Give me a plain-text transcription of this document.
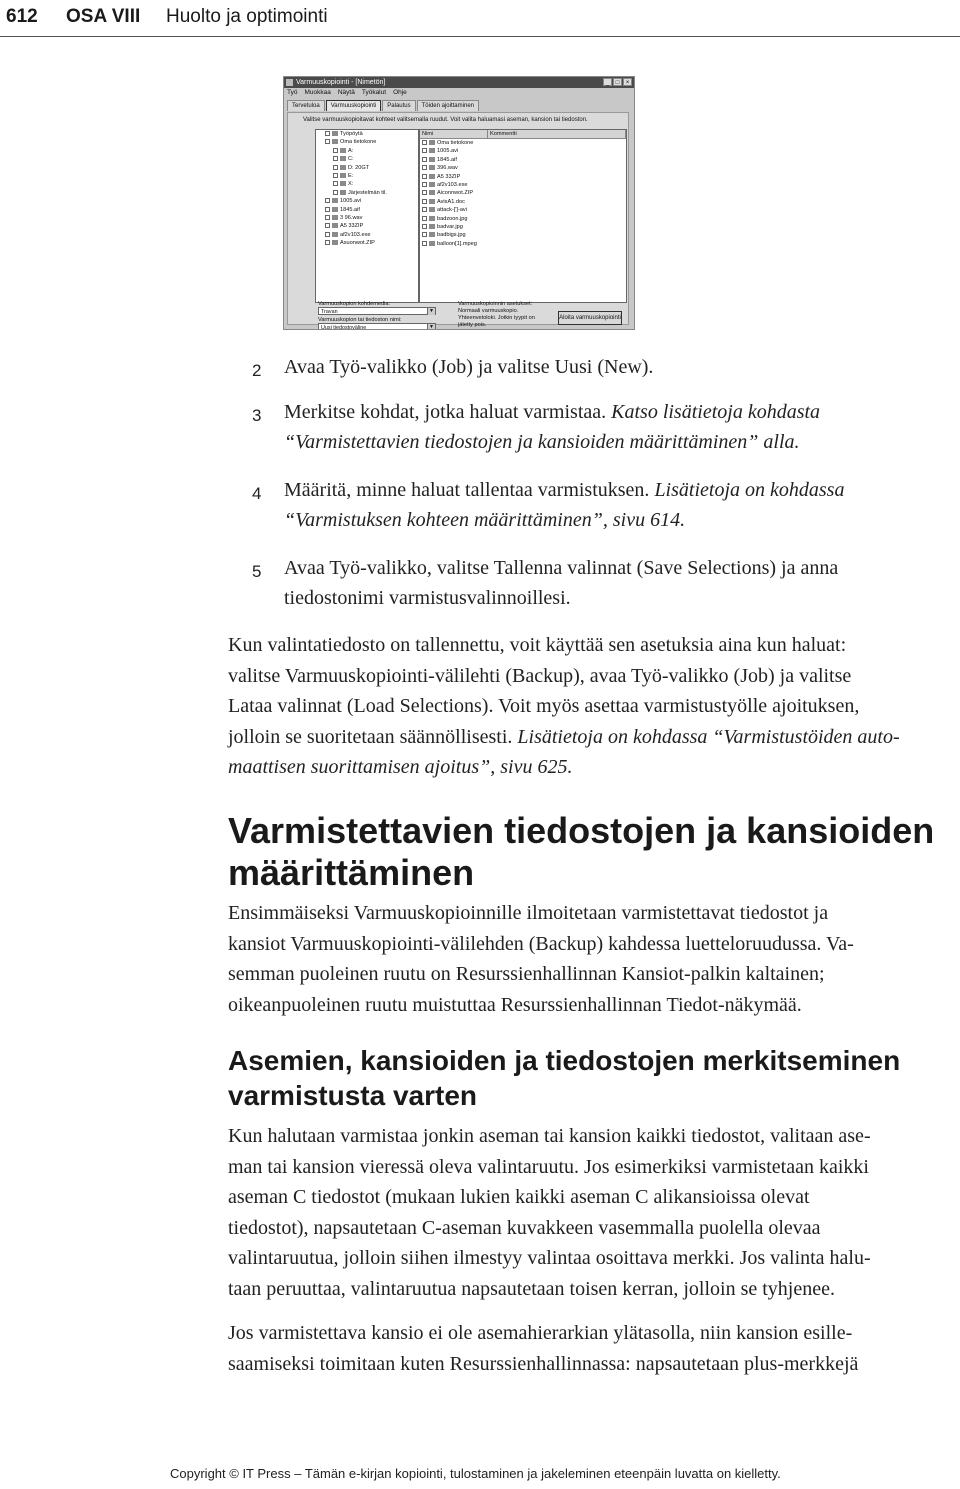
612 OSA VIII Huolto ja optimointi
Varmuuskopiointi - [Nimetön]	_	□	×
Työ Muokkaa Näytä Työkalut Ohje
Tervetuloa	Varmuuskopiointi	Palautus	Töiden ajoittaminen
Valitse varmuuskopioitavat kohteet valitsemalla ruudut. Voit valita haluamasi aseman, kansion tai tiedoston.
Työpöytä
Oma tietokone
A:
C:
D: 20GT
E:
X:
Järjestelmän til.
1005.avi
1845.aif
3 96.wav
A5 33ZIP
af2v103.exe
Asuonwot.ZIP
Nimi	Kommentti
Oma tietokone
1005.avi
1845.aif
396.wav
A5 33ZIP
af2v103.exe
Aiconnwot.ZIP
AvisA1.doc
attack-[']-avi
badzoon.jpg
badvar.jpg
badbigs.jpg
balloon[1].mpeg
Varmuuskopion kohdemedia:
Travan	▼
Varmuuskopion tai tiedoston nimi:
Uusi tiedostoväline	▼
Varmuuskopioinnin asetukset:
Normaali varmuuskopio.
Yhteenvetoloki. Jotkin tyypit on
jätetty pois.
Aloita varmuuskopiointi
2 Avaa Työ-valikko (Job) ja valitse Uusi (New).
3 Merkitse kohdat, jotka haluat varmistaa. Katso lisätietoja kohdasta
“Varmistettavien tiedostojen ja kansioiden määrittäminen” alla.
4 Määritä, minne haluat tallentaa varmistuksen. Lisätietoja on kohdassa
“Varmistuksen kohteen määrittäminen”, sivu 614.
5 Avaa Työ-valikko, valitse Tallenna valinnat (Save Selections) ja anna
tiedostonimi varmistusvalinnoillesi.
Kun valintatiedosto on tallennettu, voit käyttää sen asetuksia aina kun haluat:
valitse Varmuuskopiointi-välilehti (Backup), avaa Työ-valikko (Job) ja valitse
Lataa valinnat (Load Selections). Voit myös asettaa varmistustyölle ajoituksen,
jolloin se suoritetaan säännöllisesti. Lisätietoja on kohdassa “Varmistustöiden auto-
maattisen suorittamisen ajoitus”, sivu 625.
Varmistettavien tiedostojen ja kansioiden
määrittäminen
Ensimmäiseksi Varmuuskopioinnille ilmoitetaan varmistettavat tiedostot ja
kansiot Varmuuskopiointi-välilehden (Backup) kahdessa luetteloruudussa. Va-
semman puoleinen ruutu on Resurssienhallinnan Kansiot-palkin kaltainen;
oikeanpuoleinen ruutu muistuttaa Resurssienhallinnan Tiedot-näkymää.
Asemien, kansioiden ja tiedostojen merkitseminen
varmistusta varten
Kun halutaan varmistaa jonkin aseman tai kansion kaikki tiedostot, valitaan ase-
man tai kansion vieressä oleva valintaruutu. Jos esimerkiksi varmistetaan kaikki
aseman C tiedostot (mukaan lukien kaikki aseman C alikansioissa olevat
tiedostot), napsautetaan C-aseman kuvakkeen vasemmalla puolella olevaa
valintaruutua, jolloin siihen ilmestyy valintaa osoittava merkki. Jos valinta halu-
taan peruuttaa, valintaruutua napsautetaan toisen kerran, jolloin se tyhjenee.
Jos varmistettava kansio ei ole asemahierarkian ylätasolla, niin kansion esille-
saamiseksi toimitaan kuten Resurssienhallinnassa: napsautetaan plus-merkkejä
Copyright © IT Press – Tämän e-kirjan kopiointi, tulostaminen ja jakeleminen eteenpäin luvatta on kielletty.
